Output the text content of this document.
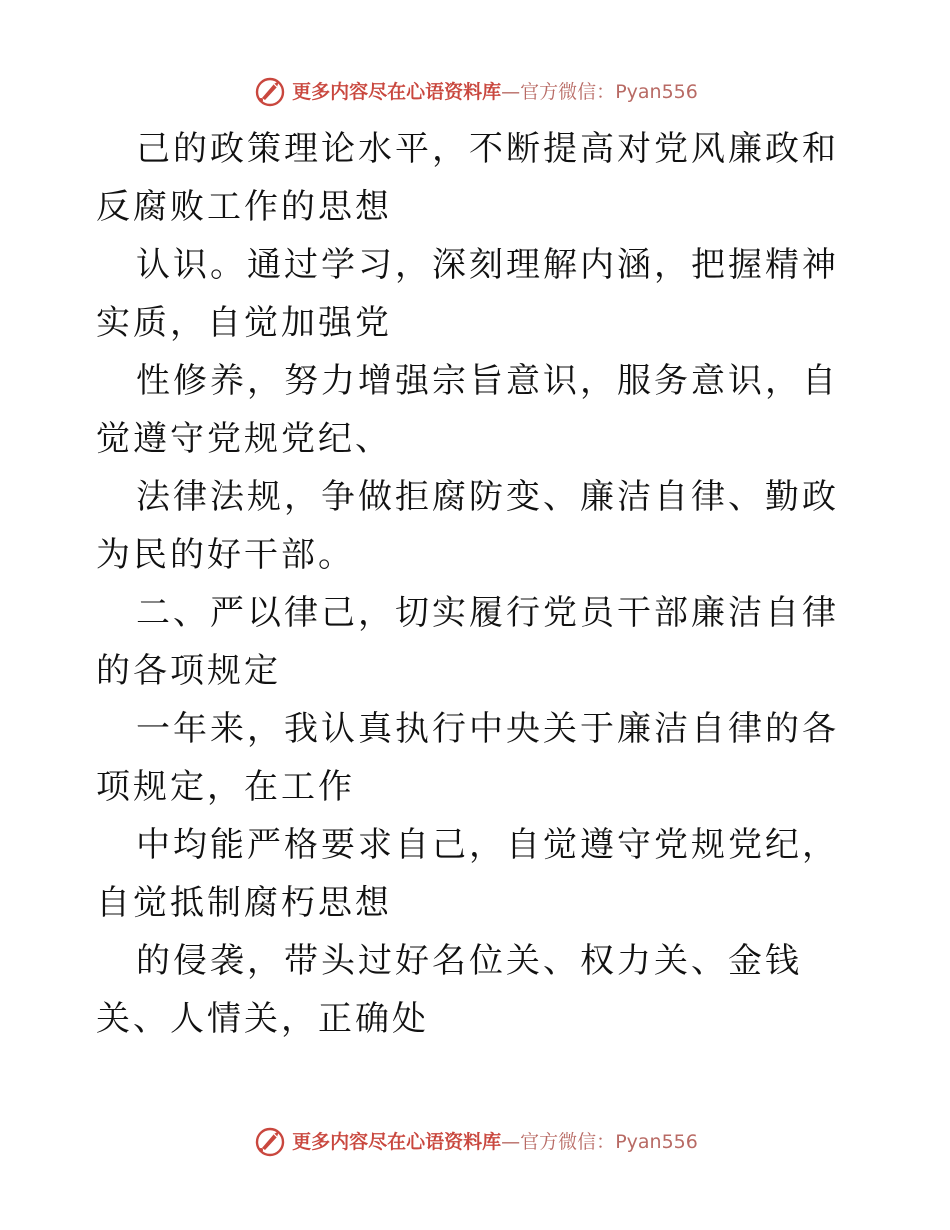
更多内容尽在心语资料库—官方微信：Pyan556

己的政策理论水平，不断提高对党风廉政和反腐败工作的思想

认识。通过学习，深刻理解内涵，把握精神实质，自觉加强党

性修养，努力增强宗旨意识，服务意识，自觉遵守党规党纪、

法律法规，争做拒腐防变、廉洁自律、勤政为民的好干部。

二、严以律己，切实履行党员干部廉洁自律的各项规定

一年来，我认真执行中央关于廉洁自律的各项规定，在工作

中均能严格要求自己，自觉遵守党规党纪，自觉抵制腐朽思想

的侵袭，带头过好名位关、权力关、金钱关、人情关，正确处

更多内容尽在心语资料库—官方微信：Pyan556
